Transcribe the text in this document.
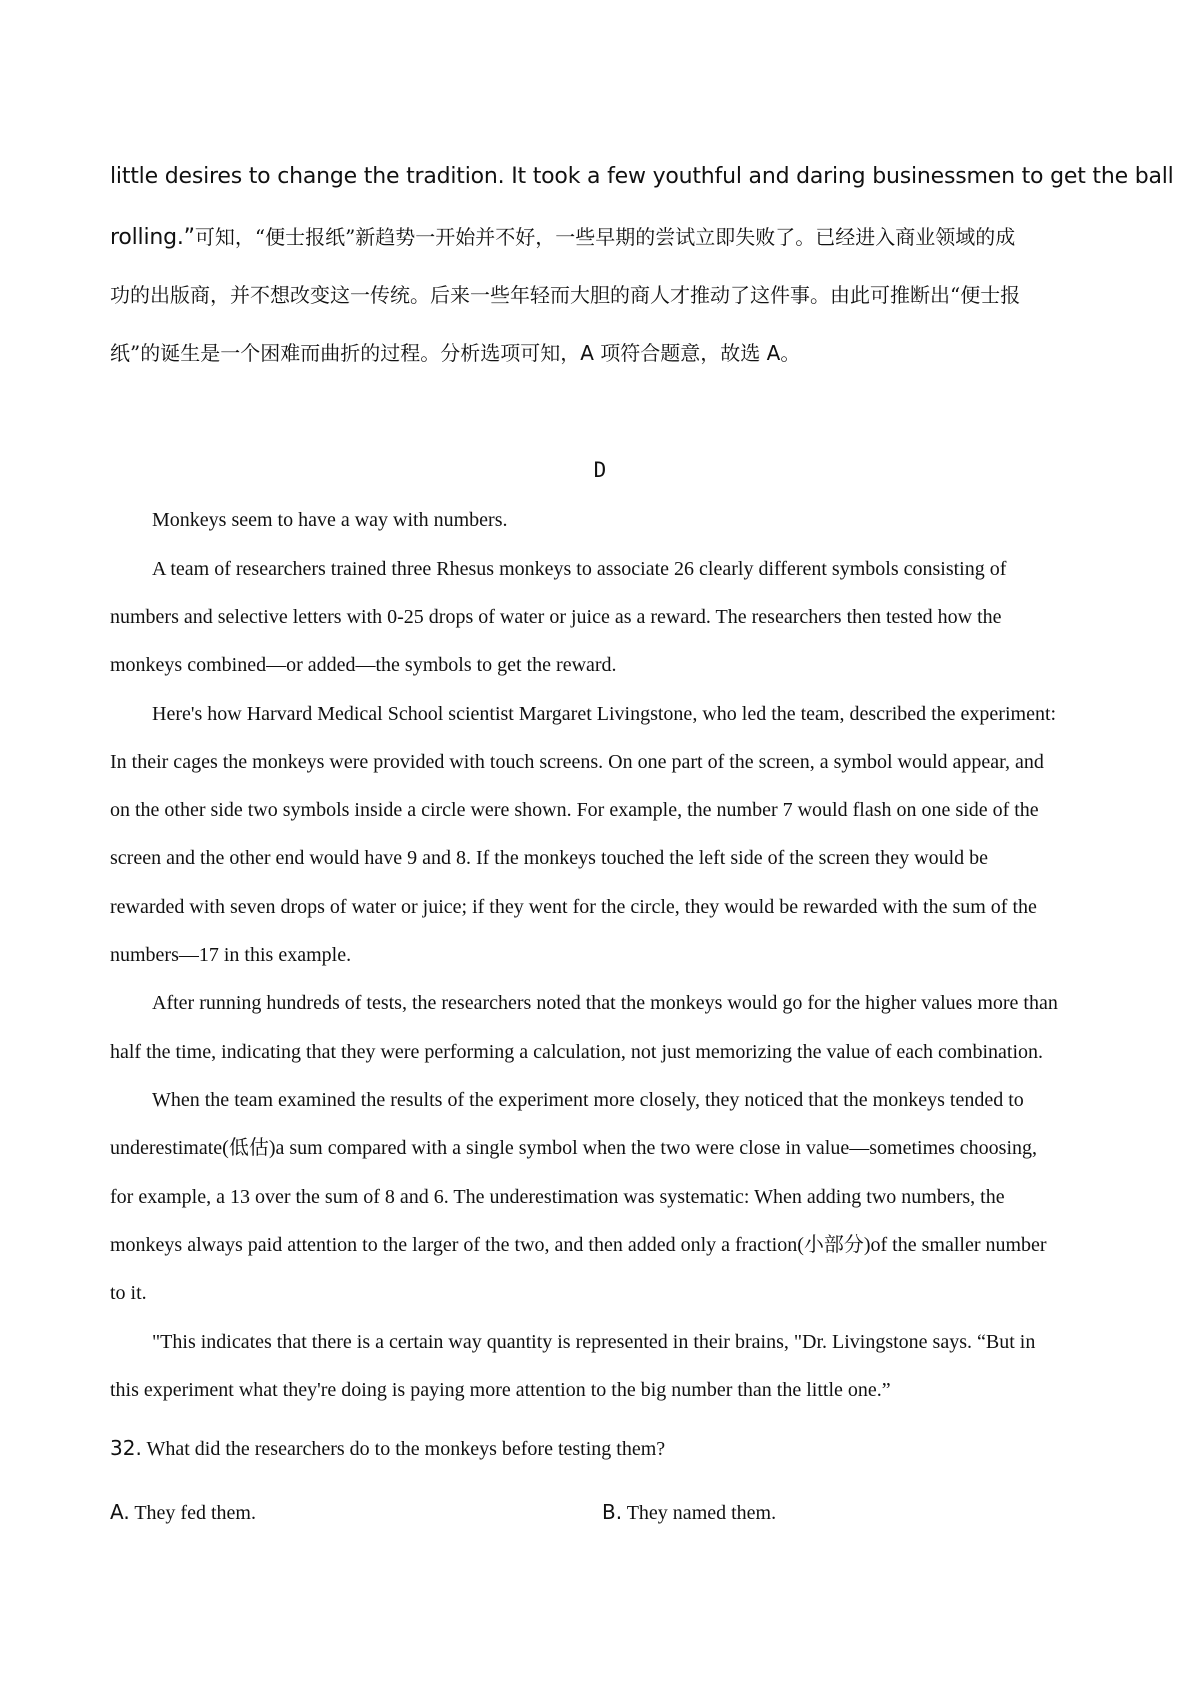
little desires to change the tradition. It took a few youthful and daring businessmen to get the ball
rolling.”可知，“便士报纸”新趋势一开始并不好，一些早期的尝试立即失败了。已经进入商业领域的成
功的出版商，并不想改变这一传统。后来一些年轻而大胆的商人才推动了这件事。由此可推断出“便士报
纸”的诞生是一个困难而曲折的过程。分析选项可知，A 项符合题意，故选 A。
D
Monkeys seem to have a way with numbers.
A team of researchers trained three Rhesus monkeys to associate 26 clearly different symbols consisting of
numbers and selective letters with 0-25 drops of water or juice as a reward. The researchers then tested how the
monkeys combined—or added—the symbols to get the reward.
Here's how Harvard Medical School scientist Margaret Livingstone, who led the team, described the experiment:
In their cages the monkeys were provided with touch screens. On one part of the screen, a symbol would appear, and
on the other side two symbols inside a circle were shown. For example, the number 7 would flash on one side of the
screen and the other end would have 9 and 8. If the monkeys touched the left side of the screen they would be
rewarded with seven drops of water or juice; if they went for the circle, they would be rewarded with the sum of the
numbers—17 in this example.
After running hundreds of tests, the researchers noted that the monkeys would go for the higher values more than
half the time, indicating that they were performing a calculation, not just memorizing the value of each combination.
When the team examined the results of the experiment more closely, they noticed that the monkeys tended to
underestimate(低估)a sum compared with a single symbol when the two were close in value—sometimes choosing,
for example, a 13 over the sum of 8 and 6. The underestimation was systematic: When adding two numbers, the
monkeys always paid attention to the larger of the two, and then added only a fraction(小部分)of the smaller number
to it.
"This indicates that there is a certain way quantity is represented in their brains, "Dr. Livingstone says. “But in
this experiment what they're doing is paying more attention to the big number than the little one.”
32. What did the researchers do to the monkeys before testing them?
A. They fed them.	B. They named them.
